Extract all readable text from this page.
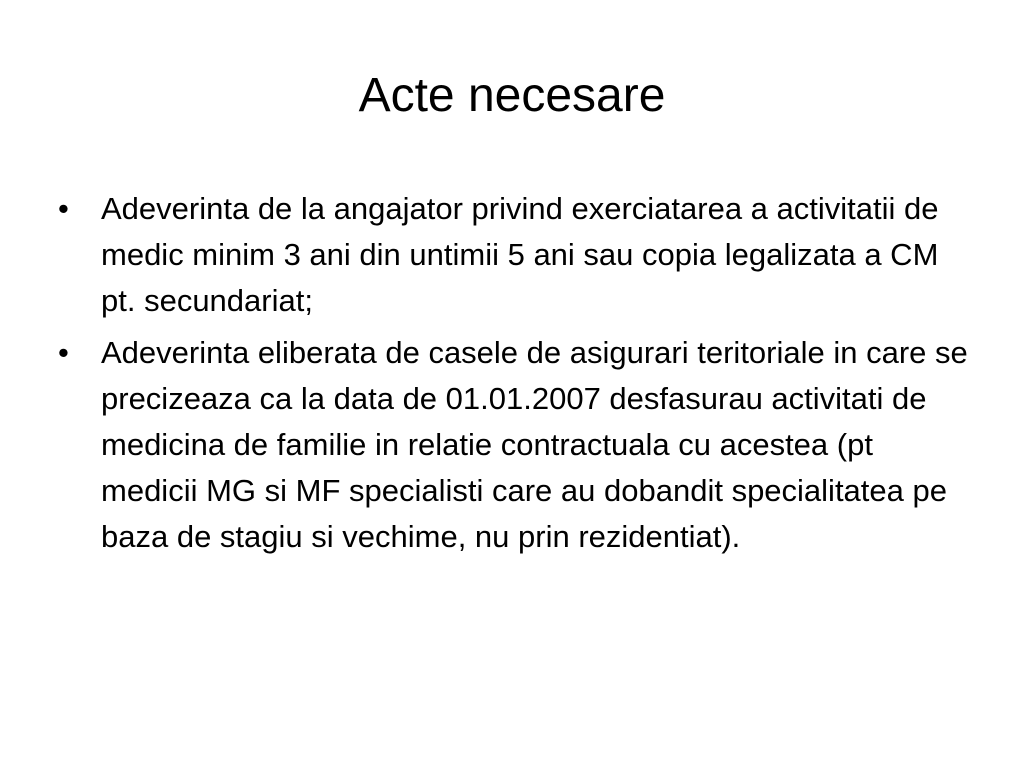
Acte necesare
• Adeverinta de la angajator privind exerciatarea a activitatii de medic minim 3 ani din untimii 5 ani sau copia legalizata a CM pt. secundariat;
• Adeverinta eliberata de casele de asigurari teritoriale in care se precizeaza ca la data de 01.01.2007 desfasurau activitati de medicina de familie in relatie contractuala cu acestea (pt medicii MG si MF specialisti care au dobandit specialitatea pe baza de stagiu si vechime, nu prin rezidentiat).
